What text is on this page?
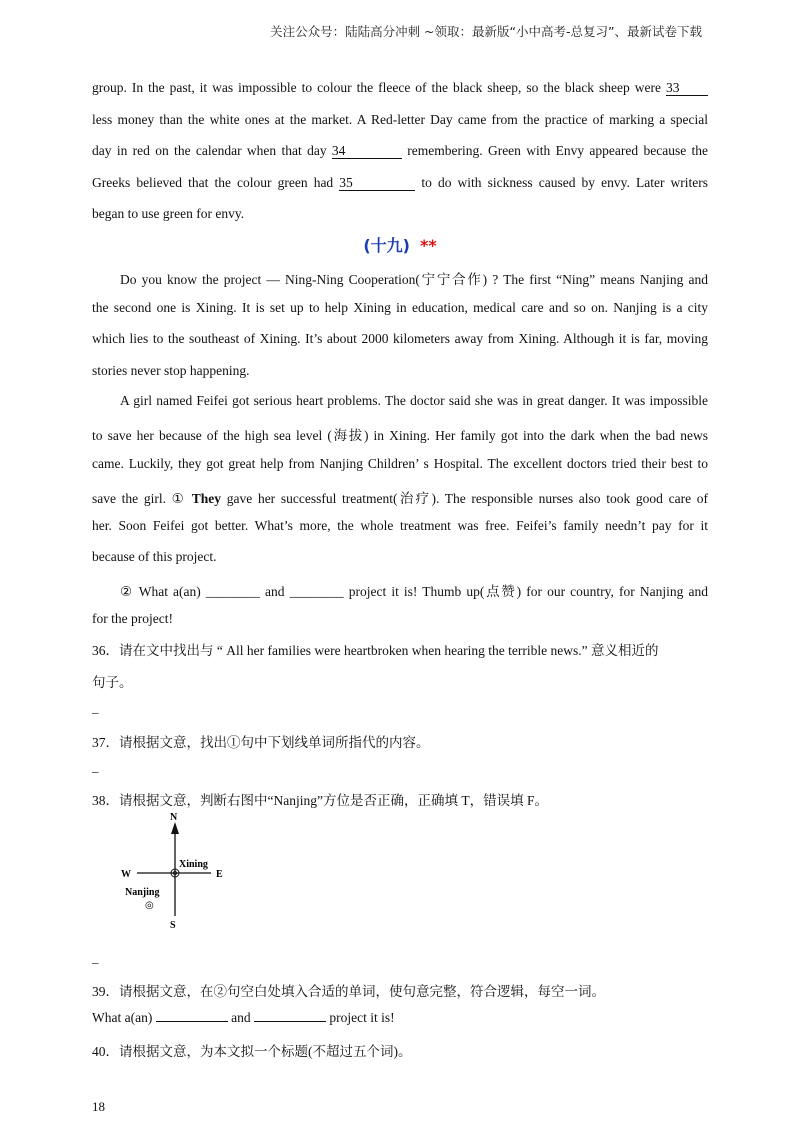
关注公众号：陆陆高分冲刺 ~领取：最新版“小中高考-总复习”、最新试卷下载
group. In the past, it was impossible to colour the fleece of the black sheep, so the black sheep were 33
less money than the white ones at the market. A Red-letter Day came from the practice of marking a special
day in red on the calendar when that day 34	remembering. Green with Envy appeared because the
Greeks believed that the colour green had 35	to do with sickness caused by envy. Later writers
began to use green for envy.
(十九) **
Do you know the project — Ning-Ning Cooperation(宁宁合作) ? The first “Ning” means Nanjing and
the second one is Xining. It is set up to help Xining in education, medical care and so on. Nanjing is a city
which lies to the southeast of Xining. It’s about 2000 kilometers away from Xining. Although it is far, moving
stories never stop happening.
A girl named Feifei got serious heart problems. The doctor said she was in great danger. It was impossible
to save her because of the high sea level (海拔) in Xining. Her family got into the dark when the bad news
came. Luckily, they got great help from Nanjing Children’ s Hospital. The excellent doctors tried their best to
save the girl. ① They gave her successful treatment(治疗). The responsible nurses also took good care of
her. Soon Feifei got better. What’s more, the whole treatment was free. Feifei’s family needn’t pay for it
because of this project.
② What a(an) ________ and ________ project it is! Thumb up(点赞) for our country, for Nanjing and
for the project!
36．请在文中找出与 “ All her families were heartbroken when hearing the terrible news.” 意义相近的
句子。
_
37．请根据文意，找出①句中下划线单词所指代的内容。
_
38．请根据文意，判断右图中“Nanjing”方位是否正确，正确填 T，错误填 F。
N
S
W	E
Xining
Nanjing
◎
_
39．请根据文意，在②句空白处填入合适的单词，使句意完整，符合逻辑，每空一词。
What a(an)	and	project it is!
40．请根据文意，为本文拟一个标题(不超过五个词)。
18
